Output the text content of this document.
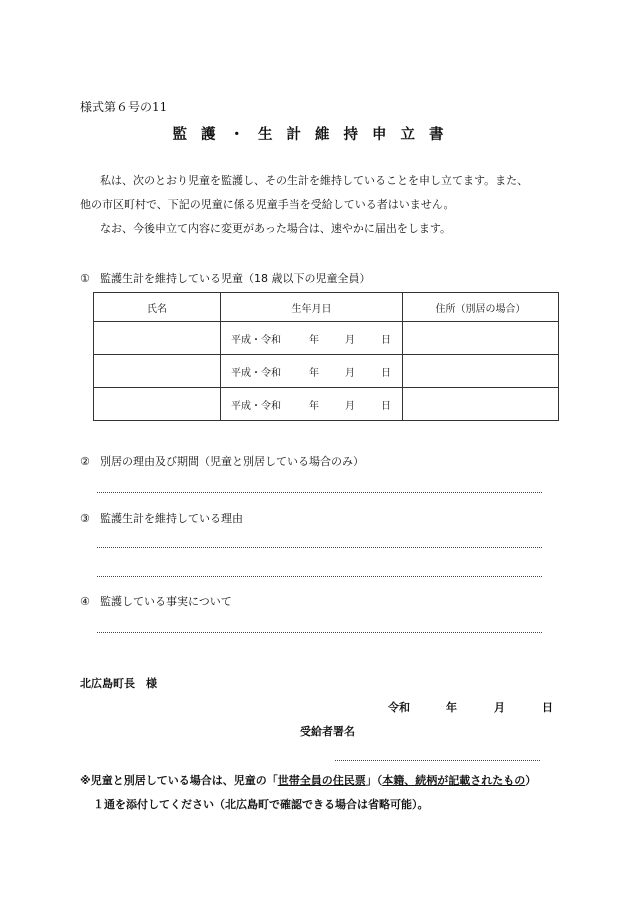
様式第６号の11
監護・生計維持申立書
私は、次のとおり児童を監護し、その生計を維持していることを申し立てます。また、
他の市区町村で、下記の児童に係る児童手当を受給している者はいません。
なお、今後申立て内容に変更があった場合は、速やかに届出をします。
① 監護生計を維持している児童（18 歳以下の児童全員）
氏名	生年月日	住所（別居の場合）
	平成・令和 年 月 日	
	平成・令和 年 月 日	
	平成・令和 年 月 日	
② 別居の理由及び期間（児童と別居している場合のみ）
③ 監護生計を維持している理由
④ 監護している事実について
北広島町長　様
令和	年	月	日
受給者署名
※児童と別居している場合は、児童の「世帯全員の住民票」（本籍、続柄が記載されたもの）
１通を添付してください（北広島町で確認できる場合は省略可能）。
